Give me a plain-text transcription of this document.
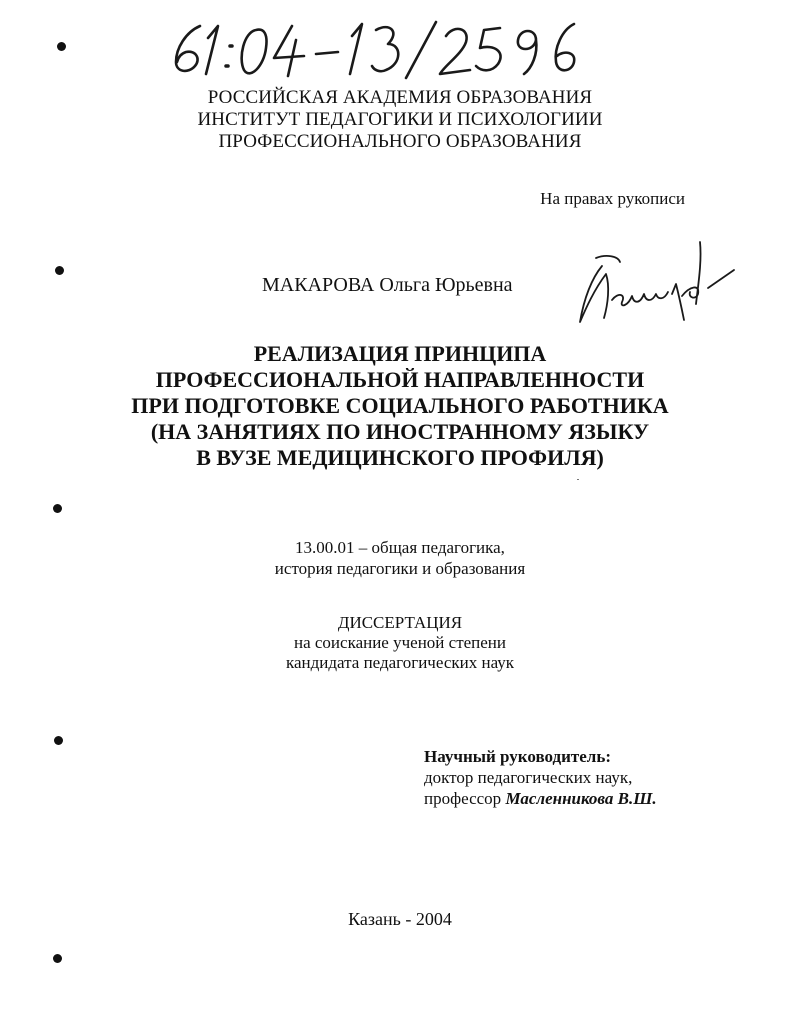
РОССИЙСКАЯ АКАДЕМИЯ ОБРАЗОВАНИЯ
ИНСТИТУТ ПЕДАГОГИКИ И ПСИХОЛОГИИИ
ПРОФЕССИОНАЛЬНОГО ОБРАЗОВАНИЯ
На правах рукописи
МАКАРОВА Ольга Юрьевна
РЕАЛИЗАЦИЯ ПРИНЦИПА
ПРОФЕССИОНАЛЬНОЙ НАПРАВЛЕННОСТИ
ПРИ ПОДГОТОВКЕ СОЦИАЛЬНОГО РАБОТНИКА
(НА ЗАНЯТИЯХ ПО ИНОСТРАННОМУ ЯЗЫКУ
В ВУЗЕ МЕДИЦИНСКОГО ПРОФИЛЯ)
13.00.01 – общая педагогика,
история педагогики и образования
ДИССЕРТАЦИЯ
на соискание ученой степени
кандидата педагогических наук
Научный руководитель:
доктор педагогических наук,
профессор Масленникова В.Ш.
Казань - 2004
